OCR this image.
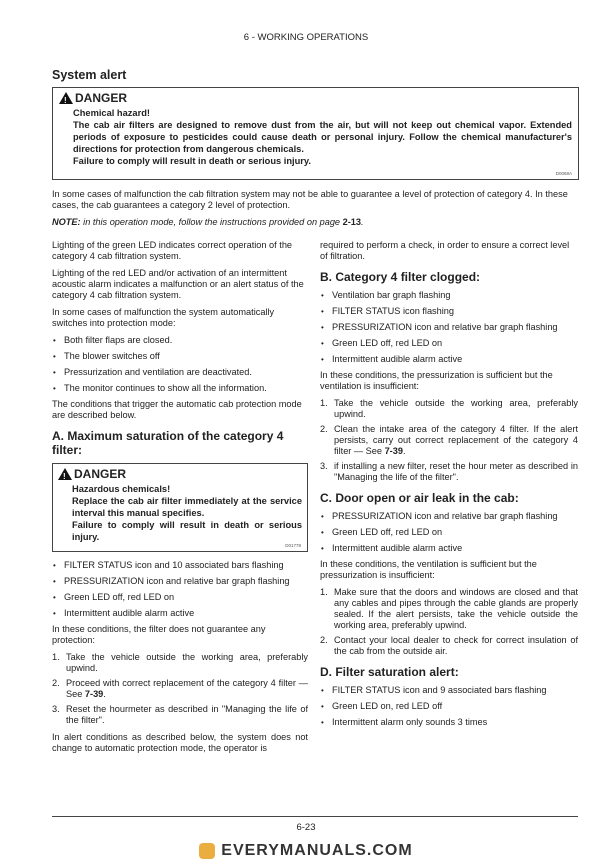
6 - WORKING OPERATIONS
System alert
!
DANGER
Chemical hazard!
The cab air filters are designed to remove dust from the air, but will not keep out chemical vapor. Extended periods of exposure to pesticides could cause death or personal injury. Follow the chemical manufacturer's directions for protection from dangerous chemicals.
Failure to comply will result in death or serious injury.
D0068A

In some cases of malfunction the cab filtration system may not be able to guarantee a level of protection of category 4. In these cases, the cab guarantees a category 2 level of protection.

NOTE: in this operation mode, follow the instructions provided on page 2-13.

Lighting of the green LED indicates correct operation of the category 4 cab filtration system.

Lighting of the red LED and/or activation of an intermittent acoustic alarm indicates a malfunction or an alert status of the category 4 cab filtration system.

In some cases of malfunction the system automatically switches into protection mode:

• Both filter flaps are closed.
• The blower switches off
• Pressurization and ventilation are deactivated.
• The monitor continues to show all the information.

The conditions that trigger the automatic cab protection mode are described below.

A. Maximum saturation of the category 4 filter:
!
DANGER
Hazardous chemicals!
Replace the cab air filter immediately at the service interval this manual specifies.
Failure to comply will result in death or serious injury.
D01778
• FILTER STATUS icon and 10 associated bars flashing
• PRESSURIZATION icon and relative bar graph flashing
• Green LED off, red LED on
• Intermittent audible alarm active

In these conditions, the filter does not guarantee any protection:

1. Take the vehicle outside the working area, preferably upwind.
2. Proceed with correct replacement of the category 4 filter — See 7-39.
3. Reset the hourmeter as described in "Managing the life of the filter".

In alert conditions as described below, the system does not change to automatic protection mode, the operator is

required to perform a check, in order to ensure a correct level of filtration.

B. Category 4 filter clogged:
• Ventilation bar graph flashing
• FILTER STATUS icon flashing
• PRESSURIZATION icon and relative bar graph flashing
• Green LED off, red LED on
• Intermittent audible alarm active

In these conditions, the pressurization is sufficient but the ventilation is insufficient:

1. Take the vehicle outside the working area, preferably upwind.
2. Clean the intake area of the category 4 filter. If the alert persists, carry out correct replacement of the category 4 filter — See 7-39.
3. if installing a new filter, reset the hour meter as described in "Managing the life of the filter".
C. Door open or air leak in the cab:
• PRESSURIZATION icon and relative bar graph flashing
• Green LED off, red LED on
• Intermittent audible alarm active

In these conditions, the ventilation is sufficient but the pressurization is insufficient:

1. Make sure that the doors and windows are closed and that any cables and pipes through the cable glands are properly sealed. If the alert persists, take the vehicle outside the working area, preferably upwind.
2. Contact your local dealer to check for correct insulation of the cab from the outside air.
D. Filter saturation alert:
• FILTER STATUS icon and 9 associated bars flashing
• Green LED on, red LED off
• Intermittent alarm only sounds 3 times
6-23
EVERYMANUALS.COM
